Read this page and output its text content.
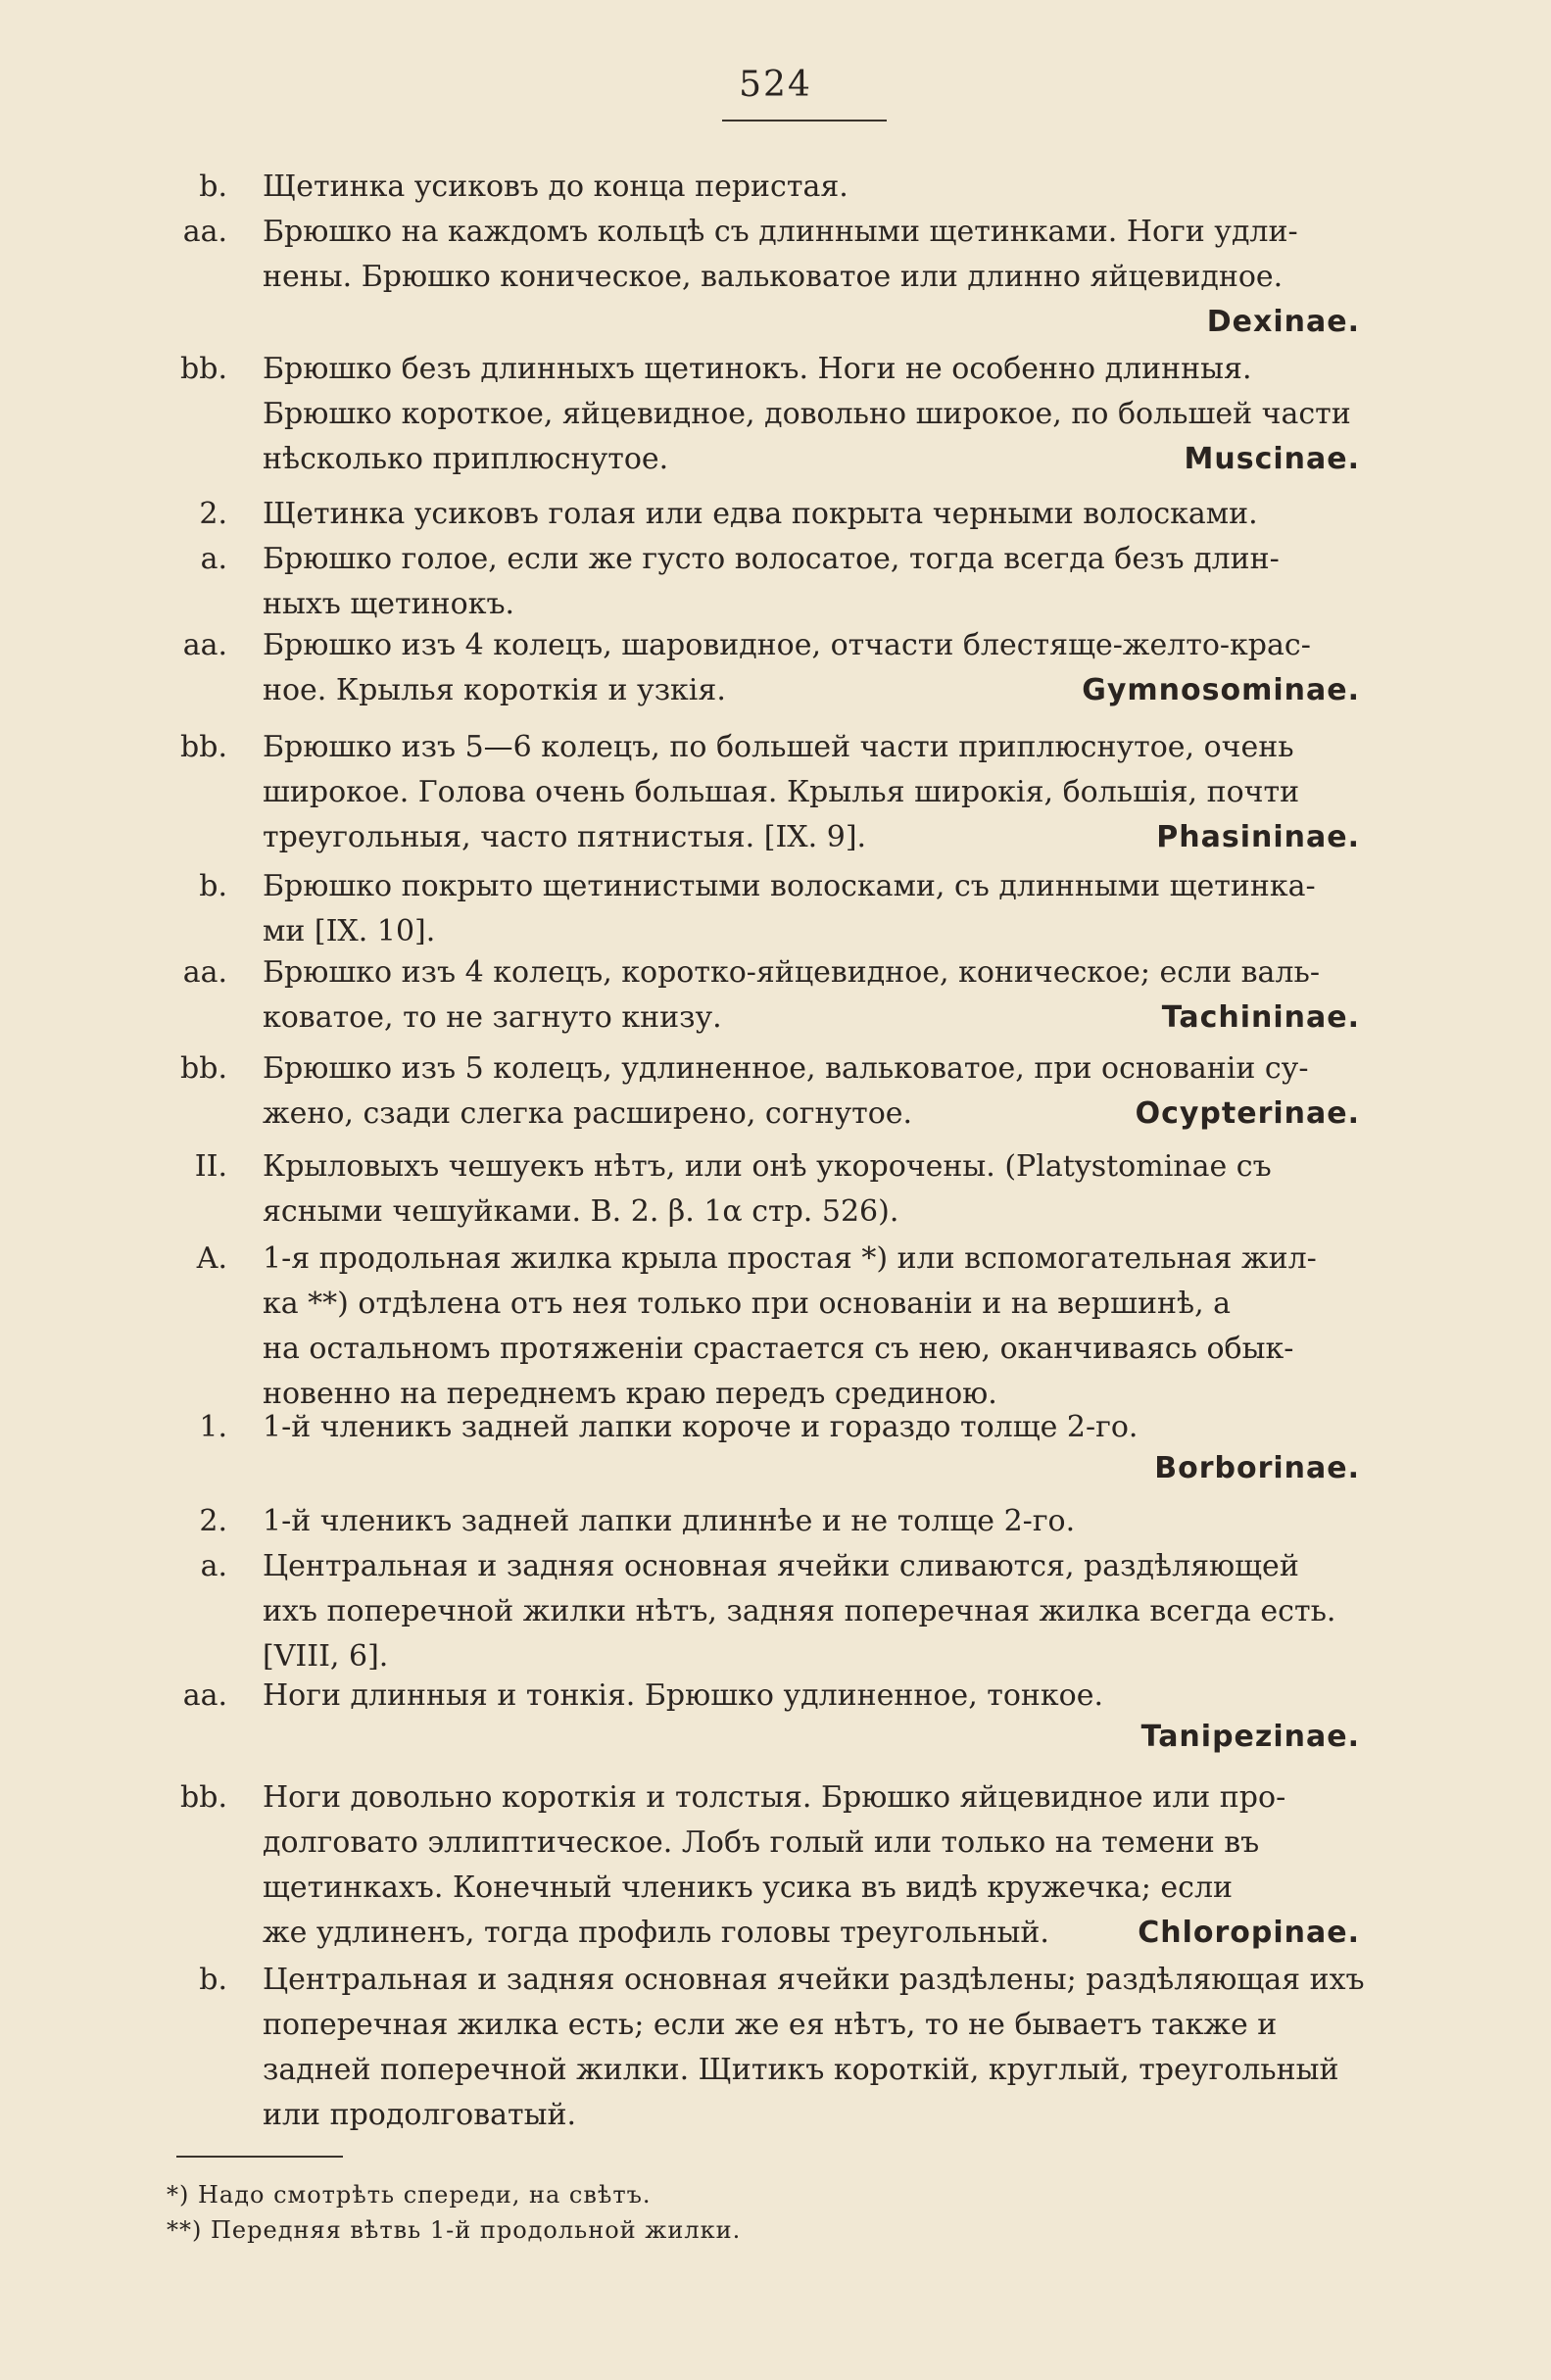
524
b. Щетинка усиковъ до конца перистая.
aa. Брюшко на каждомъ кольцѣ съ длинными щетинками. Ноги удли-
нены. Брюшко коническое, вальковатое или длинно яйцевидное.
Dexinae.
bb. Брюшко безъ длинныхъ щетинокъ. Ноги не особенно длинныя.
Брюшко короткое, яйцевидное, довольно широкое, по большей части
нѣсколько приплюснутое.	Muscinae.
2. Щетинка усиковъ голая или едва покрыта черными волосками.
a. Брюшко голое, если же густо волосатое, тогда всегда безъ длин-
ныхъ щетинокъ.
aa. Брюшко изъ 4 колецъ, шаровидное, отчасти блестяще-желто-крас-
ное. Крылья короткія и узкія.	Gymnosominae.
bb. Брюшко изъ 5—6 колецъ, по большей части приплюснутое, очень
широкое. Голова очень большая. Крылья широкія, большія, почти
треугольныя, часто пятнистыя. [IX. 9].	Phasininae.
b. Брюшко покрыто щетинистыми волосками, съ длинными щетинка-
ми [IX. 10].
aa. Брюшко изъ 4 колецъ, коротко-яйцевидное, коническое; если валь-
коватое, то не загнуто книзу.	Tachininae.
bb. Брюшко изъ 5 колецъ, удлиненное, вальковатое, при основанiи су-
жено, сзади слегка расширено, согнутое.	Ocypterinae.
II. Крыловыхъ чешуекъ нѣтъ, или онѣ укорочены. (Platystominae съ
ясными чешуйками. B. 2. β. 1α стр. 526).
A. 1-я продольная жилка крыла простая *) или вспомогательная жил-
ка **) отдѣлена отъ нея только при основанiи и на вершинѣ, а
на остальномъ протяженiи срастается съ нею, оканчиваясь обык-
новенно на переднемъ краю передъ срединою.
1. 1-й членикъ задней лапки короче и гораздо толще 2-го.
Borborinae.
2. 1-й членикъ задней лапки длиннѣе и не толще 2-го.
a. Центральная и задняя основная ячейки сливаются, раздѣляющей
ихъ поперечной жилки нѣтъ, задняя поперечная жилка всегда есть.
[VIII, 6].
aa. Ноги длинныя и тонкія. Брюшко удлиненное, тонкое.
Tanipezinae.
bb. Ноги довольно короткія и толстыя. Брюшко яйцевидное или про-
долговато эллиптическое. Лобъ голый или только на темени въ
щетинкахъ. Конечный членикъ усика въ видѣ кружечка; если
же удлиненъ, тогда профиль головы треугольный.	Chloropinae.
b. Центральная и задняя основная ячейки раздѣлены; раздѣляющая ихъ
поперечная жилка есть; если же ея нѣтъ, то не бываетъ также и
задней поперечной жилки. Щитикъ короткій, круглый, треугольный
или продолговатый.
*) Надо смотрѣть спереди, на свѣтъ.
**) Передняя вѣтвь 1-й продольной жилки.
